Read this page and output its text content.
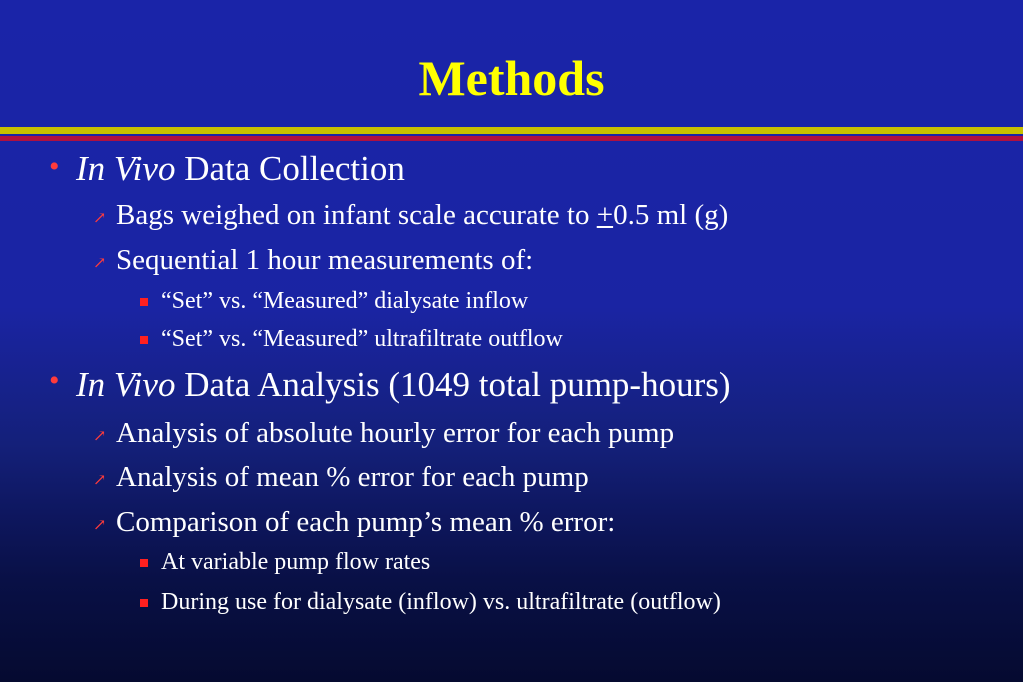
Methods
• In Vivo Data Collection
↗ Bags weighed on infant scale accurate to +0.5 ml (g)
↗ Sequential 1 hour measurements of:
“Set” vs. “Measured” dialysate inflow
“Set” vs. “Measured” ultrafiltrate outflow
• In Vivo Data Analysis (1049 total pump-hours)
↗ Analysis of absolute hourly error for each pump
↗ Analysis of mean % error for each pump
↗ Comparison of each pump’s mean % error:
At variable pump flow rates
During use for dialysate (inflow) vs. ultrafiltrate (outflow)
